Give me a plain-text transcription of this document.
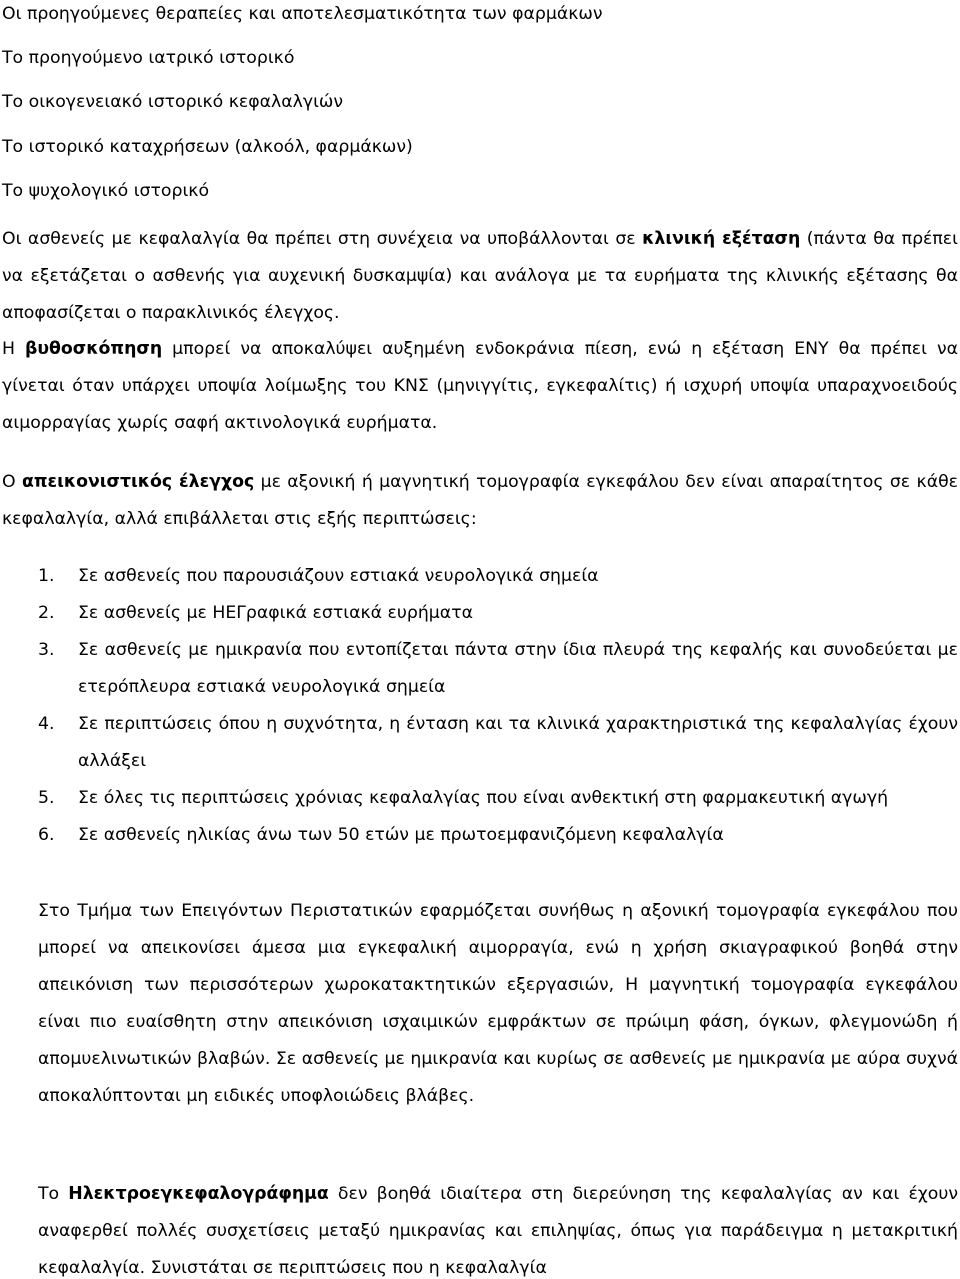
Οι προηγούμενες θεραπείες και αποτελεσματικότητα των φαρμάκων
Το προηγούμενο ιατρικό ιστορικό
Το οικογενειακό ιστορικό κεφαλαλγιών
Το ιστορικό καταχρήσεων (αλκοόλ, φαρμάκων)
Το ψυχολογικό ιστορικό

Οι ασθενείς με κεφαλαλγία θα πρέπει στη συνέχεια να υποβάλλονται σε κλινική εξέταση (πάντα θα πρέπει να εξετάζεται ο ασθενής για αυχενική δυσκαμψία) και ανάλογα με τα ευρήματα της κλινικής εξέτασης θα αποφασίζεται ο παρακλινικός έλεγχος.

Η βυθοσκόπηση μπορεί να αποκαλύψει αυξημένη ενδοκράνια πίεση, ενώ η εξέταση ΕΝΥ θα πρέπει να γίνεται όταν υπάρχει υποψία λοίμωξης του ΚΝΣ (μηνιγγίτις, εγκεφαλίτις) ή ισχυρή υποψία υπαραχνοειδούς αιμορραγίας χωρίς σαφή ακτινολογικά ευρήματα.

Ο απεικονιστικός έλεγχος με αξονική ή μαγνητική τομογραφία εγκεφάλου δεν είναι απαραίτητος σε κάθε κεφαλαλγία, αλλά επιβάλλεται στις εξής περιπτώσεις:

1. Σε ασθενείς που παρουσιάζουν εστιακά νευρολογικά σημεία
2. Σε ασθενείς με ΗΕΓραφικά εστιακά ευρήματα
3. Σε ασθενείς με ημικρανία που εντοπίζεται πάντα στην ίδια πλευρά της κεφαλής και συνοδεύεται με ετερόπλευρα εστιακά νευρολογικά σημεία
4. Σε περιπτώσεις όπου η συχνότητα, η ένταση και τα κλινικά χαρακτηριστικά της κεφαλαλγίας έχουν αλλάξει
5. Σε όλες τις περιπτώσεις χρόνιας κεφαλαλγίας που είναι ανθεκτική στη φαρμακευτική αγωγή
6. Σε ασθενείς ηλικίας άνω των 50 ετών με πρωτοεμφανιζόμενη κεφαλαλγία

Στο Τμήμα των Επειγόντων Περιστατικών εφαρμόζεται συνήθως η αξονική τομογραφία εγκεφάλου που μπορεί να απεικονίσει άμεσα μια εγκεφαλική αιμορραγία, ενώ η χρήση σκιαγραφικού βοηθά στην απεικόνιση των περισσότερων χωροκατακτητικών εξεργασιών, Η μαγνητική τομογραφία εγκεφάλου είναι πιο ευαίσθητη στην απεικόνιση ισχαιμικών εμφράκτων σε πρώιμη φάση, όγκων, φλεγμονώδη ή απομυελινωτικών βλαβών. Σε ασθενείς με ημικρανία και κυρίως σε ασθενείς με ημικρανία με αύρα συχνά αποκαλύπτονται μη ειδικές υποφλοιώδεις βλάβες.

Το Ηλεκτροεγκεφαλογράφημα δεν βοηθά ιδιαίτερα στη διερεύνηση της κεφαλαλγίας αν και έχουν αναφερθεί πολλές συσχετίσεις μεταξύ ημικρανίας και επιληψίας, όπως για παράδειγμα η μετακριτική κεφαλαλγία. Συνιστάται σε περιπτώσεις που η κεφαλαλγία
